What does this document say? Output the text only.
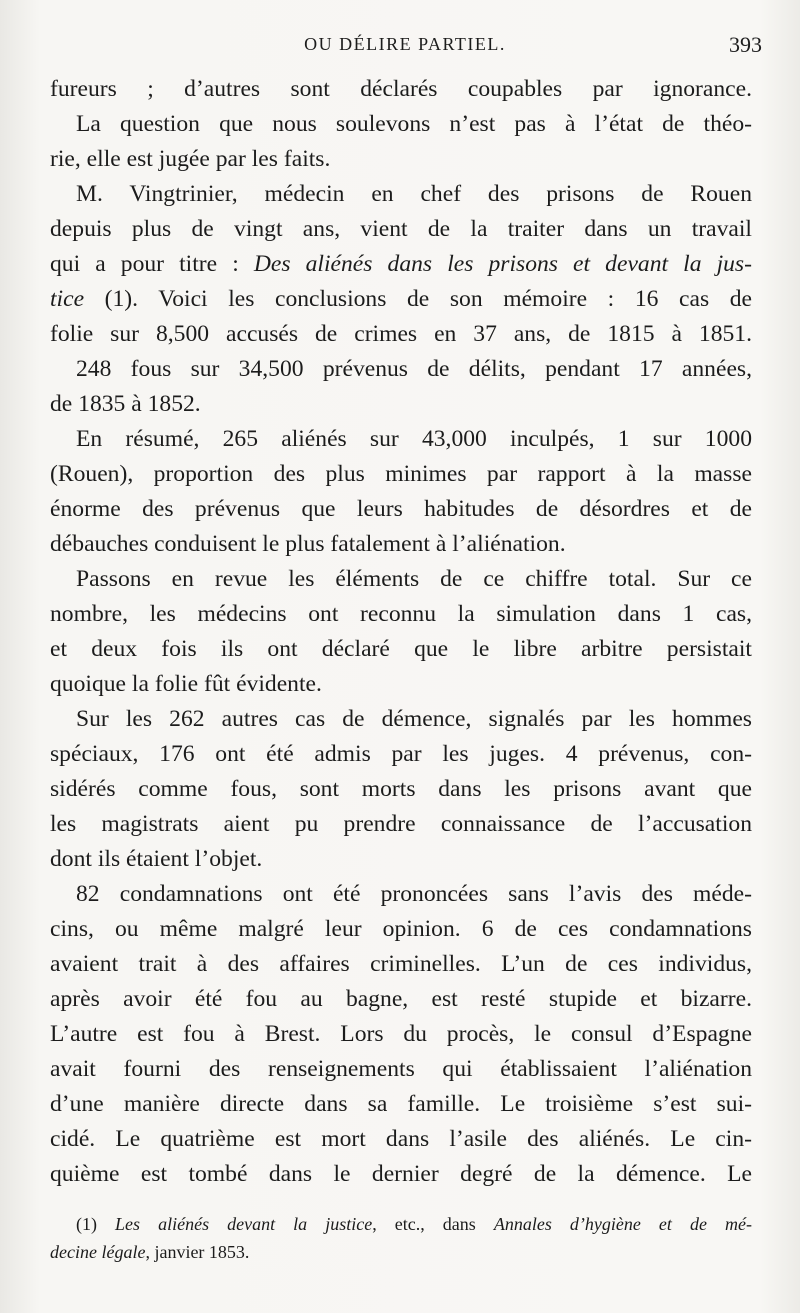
OU DÉLIRE PARTIEL.	393
fureurs ; d’autres sont déclarés coupables par ignorance.
La question que nous soulevons n’est pas à l’état de théo-
rie, elle est jugée par les faits.
M. Vingtrinier, médecin en chef des prisons de Rouen
depuis plus de vingt ans, vient de la traiter dans un travail
qui a pour titre : Des aliénés dans les prisons et devant la jus-
tice (1). Voici les conclusions de son mémoire : 16 cas de
folie sur 8,500 accusés de crimes en 37 ans, de 1815 à 1851.
248 fous sur 34,500 prévenus de délits, pendant 17 années,
de 1835 à 1852.
En résumé, 265 aliénés sur 43,000 inculpés, 1 sur 1000
(Rouen), proportion des plus minimes par rapport à la masse
énorme des prévenus que leurs habitudes de désordres et de
débauches conduisent le plus fatalement à l’aliénation.
Passons en revue les éléments de ce chiffre total. Sur ce
nombre, les médecins ont reconnu la simulation dans 1 cas,
et deux fois ils ont déclaré que le libre arbitre persistait
quoique la folie fût évidente.
Sur les 262 autres cas de démence, signalés par les hommes
spéciaux, 176 ont été admis par les juges. 4 prévenus, con-
sidérés comme fous, sont morts dans les prisons avant que
les magistrats aient pu prendre connaissance de l’accusation
dont ils étaient l’objet.
82 condamnations ont été prononcées sans l’avis des méde-
cins, ou même malgré leur opinion. 6 de ces condamnations
avaient trait à des affaires criminelles. L’un de ces individus,
après avoir été fou au bagne, est resté stupide et bizarre.
L’autre est fou à Brest. Lors du procès, le consul d’Espagne
avait fourni des renseignements qui établissaient l’aliénation
d’une manière directe dans sa famille. Le troisième s’est sui-
cidé. Le quatrième est mort dans l’asile des aliénés. Le cin-
quième est tombé dans le dernier degré de la démence. Le
(1) Les aliénés devant la justice, etc., dans Annales d’hygiène et de mé-
decine légale, janvier 1853.
